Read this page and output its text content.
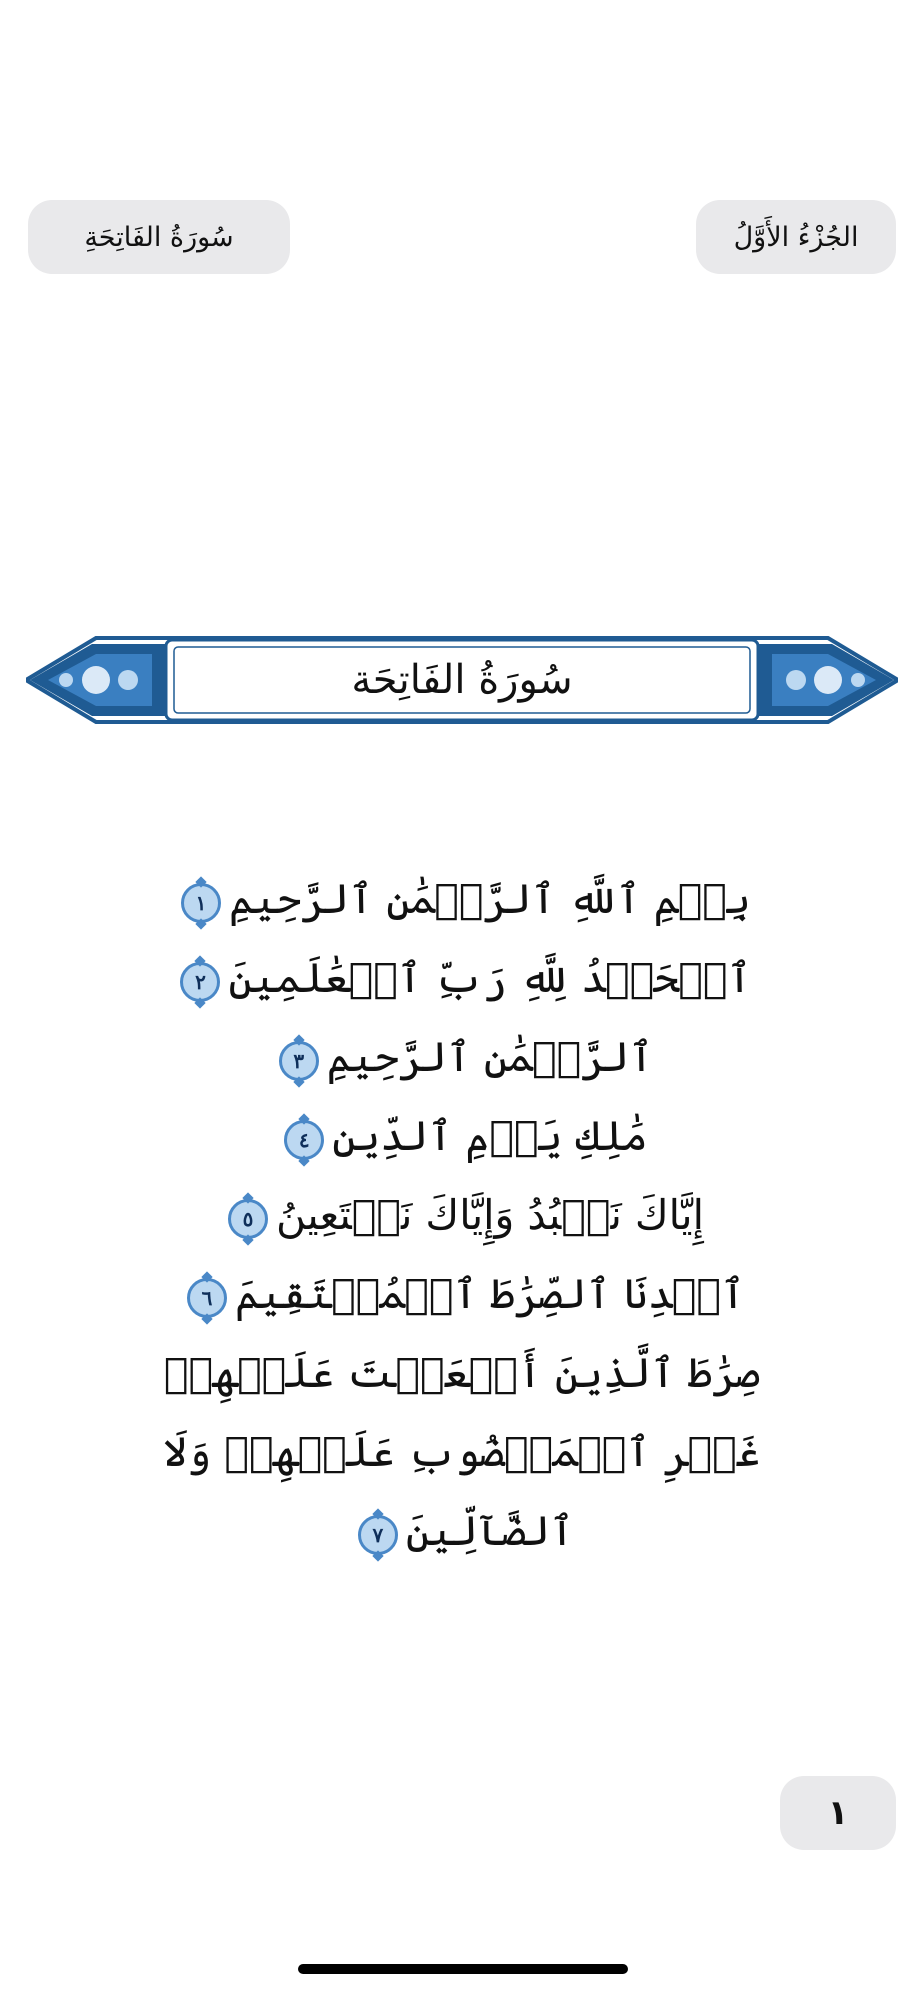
سُورَةُ الفَاتِحَةِ	الجُزْءُ الأَوَّلُ
سُورَةُ الفَاتِحَة
بِسۡمِ ٱللَّهِ ٱلرَّحۡمَٰنِ ٱلرَّحِيمِ١
ٱلۡحَمۡدُ لِلَّهِ رَبِّ ٱلۡعَٰلَمِينَ٢
ٱلرَّحۡمَٰنِ ٱلرَّحِيمِ٣ مَٰلِكِ يَوۡمِ ٱلدِّينِ٤
إِيَّاكَ نَعۡبُدُ وَإِيَّاكَ نَسۡتَعِينُ٥ ٱهۡدِنَا ٱلصِّرَٰطَ ٱلۡمُسۡتَقِيمَ٦ صِرَٰطَ ٱلَّذِينَ أَنۡعَمۡتَ عَلَيۡهِمۡ غَيۡرِ ٱلۡمَغۡضُوبِ عَلَيۡهِمۡ وَلَا ٱلضَّآلِّينَ٧
١
